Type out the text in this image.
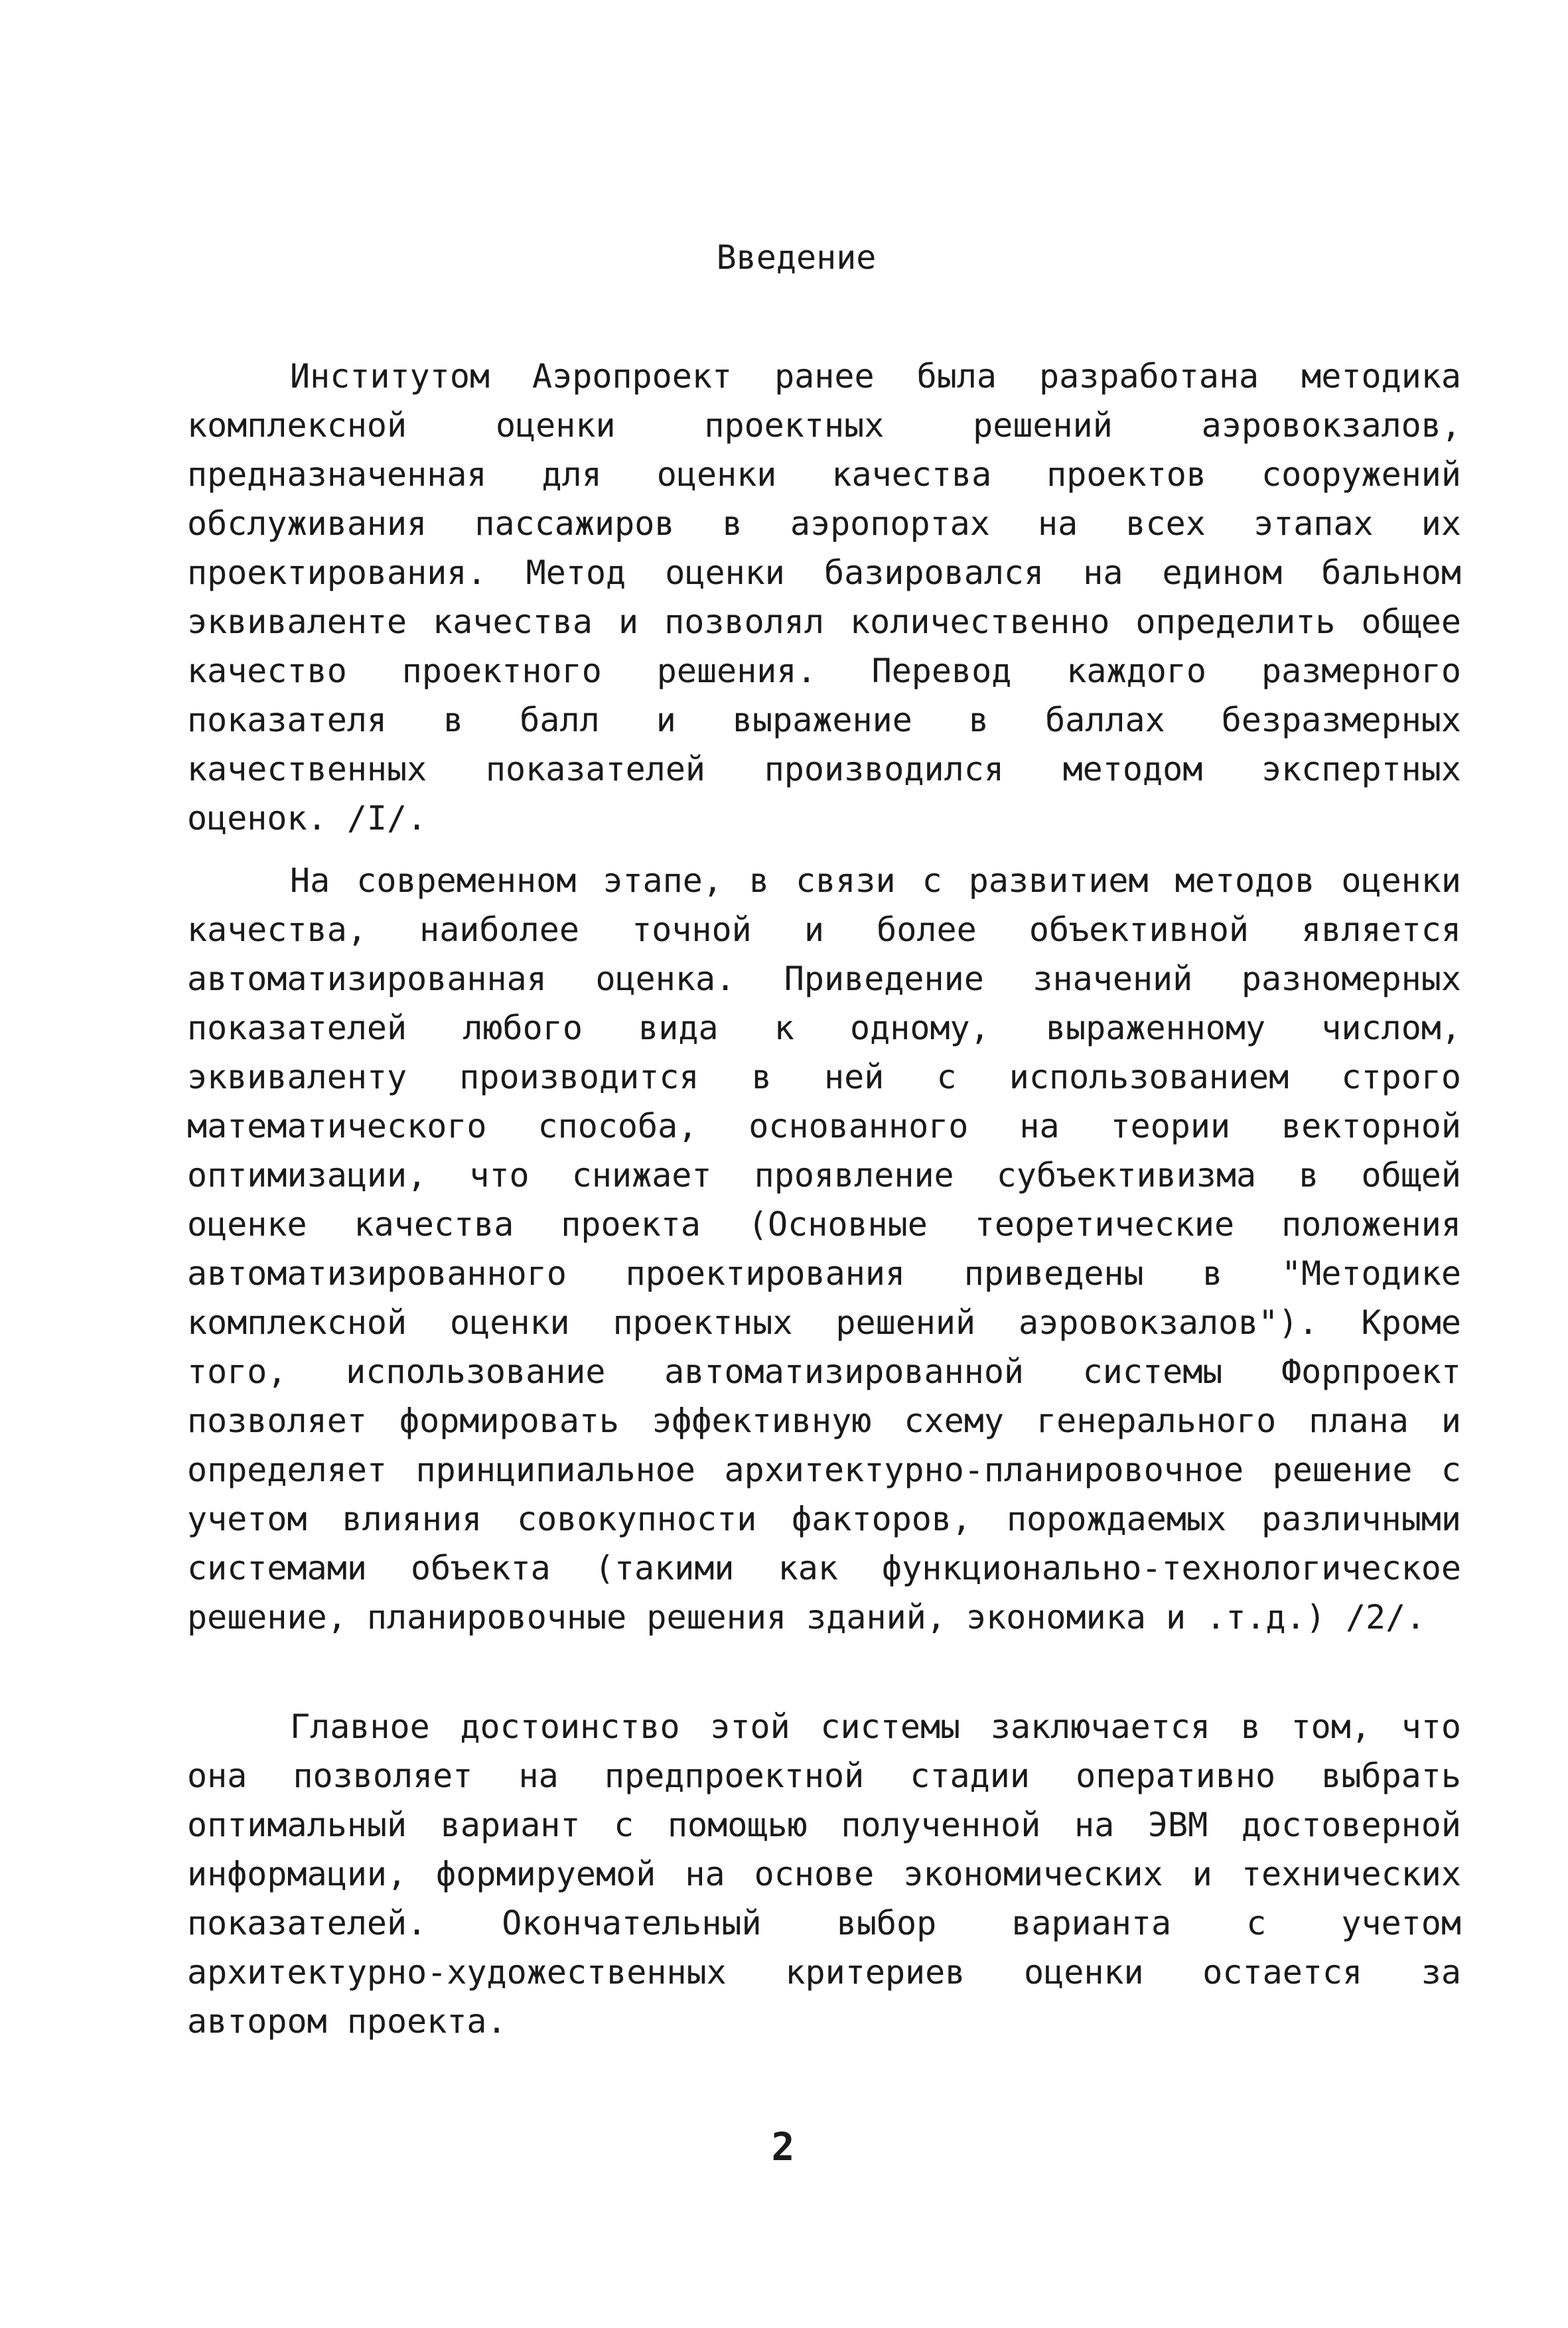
Введение

Институтом Аэропроект ранее была разработана методика комплексной оценки проектных решений аэровокзалов, предназначенная для оценки качества проектов сооружений обслуживания пассажиров в аэропортах на всех этапах их проектирования. Метод оценки базировался на едином бальном эквиваленте качества и позволял количественно определить общее качество проектного решения. Перевод каждого размерного показателя в балл и выражение в баллах безразмерных качественных показателей производился методом экспертных оценок. /I/.

На современном этапе, в связи с развитием методов оценки качества, наиболее точной и более объективной является автоматизированная оценка. Приведение значений разномерных показателей любого вида к одному, выраженному числом, эквиваленту производится в ней с использованием строго математического способа, основанного на теории векторной оптимизации, что снижает проявление субъективизма в общей оценке качества проекта (Основные теоретические положения автоматизированного проектирования приведены в "Методике комплексной оценки проектных решений аэровокзалов"). Кроме того, использование автоматизированной системы Форпроект позволяет формировать эффективную схему генерального плана и определяет принципиальное архитектурно-планировочное решение с учетом влияния совокупности факторов, порождаемых различными системами объекта (такими как функционально-технологическое решение, планировочные решения зданий, экономика и .т.д.) /2/.

Главное достоинство этой системы заключается в том, что она позволяет на предпроектной стадии оперативно выбрать оптимальный вариант с помощью полученной на ЭВМ достоверной информации, формируемой на основе экономических и технических показателей. Окончательный выбор варианта с учетом архитектурно-художественных критериев оценки остается за автором проекта.

2
